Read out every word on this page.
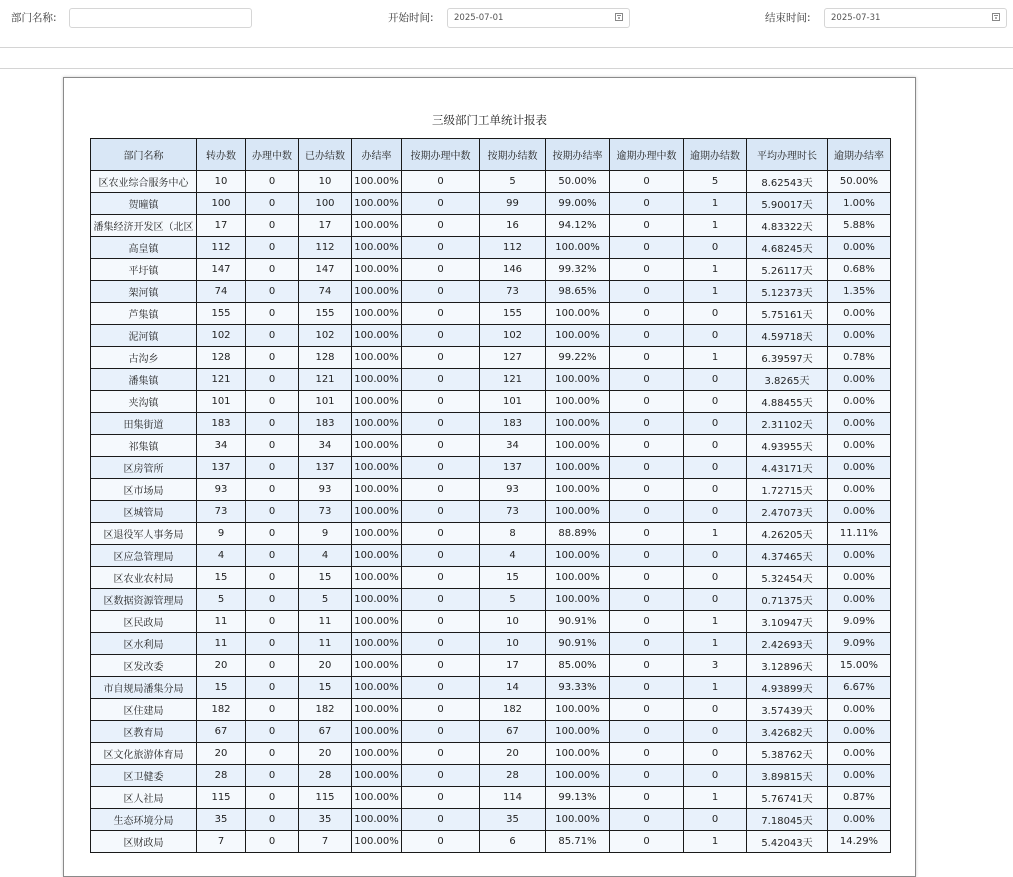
部门名称:	开始时间:	2025-07-01	结束时间:	2025-07-31
三级部门工单统计报表
部门名称	转办数	办理中数	已办结数	办结率	按期办理中数	按期办结数	按期办结率	逾期办理中数	逾期办结数	平均办理时长	逾期办结率
区农业综合服务中心	10	0	10	100.00%	0	5	50.00%	0	5	8.62543天	50.00%
贺曈镇	100	0	100	100.00%	0	99	99.00%	0	1	5.90017天	1.00%
潘集经济开发区（北区	17	0	17	100.00%	0	16	94.12%	0	1	4.83322天	5.88%
高皇镇	112	0	112	100.00%	0	112	100.00%	0	0	4.68245天	0.00%
平圩镇	147	0	147	100.00%	0	146	99.32%	0	1	5.26117天	0.68%
架河镇	74	0	74	100.00%	0	73	98.65%	0	1	5.12373天	1.35%
芦集镇	155	0	155	100.00%	0	155	100.00%	0	0	5.75161天	0.00%
泥河镇	102	0	102	100.00%	0	102	100.00%	0	0	4.59718天	0.00%
古沟乡	128	0	128	100.00%	0	127	99.22%	0	1	6.39597天	0.78%
潘集镇	121	0	121	100.00%	0	121	100.00%	0	0	3.8265天	0.00%
夹沟镇	101	0	101	100.00%	0	101	100.00%	0	0	4.88455天	0.00%
田集街道	183	0	183	100.00%	0	183	100.00%	0	0	2.31102天	0.00%
祁集镇	34	0	34	100.00%	0	34	100.00%	0	0	4.93955天	0.00%
区房管所	137	0	137	100.00%	0	137	100.00%	0	0	4.43171天	0.00%
区市场局	93	0	93	100.00%	0	93	100.00%	0	0	1.72715天	0.00%
区城管局	73	0	73	100.00%	0	73	100.00%	0	0	2.47073天	0.00%
区退役军人事务局	9	0	9	100.00%	0	8	88.89%	0	1	4.26205天	11.11%
区应急管理局	4	0	4	100.00%	0	4	100.00%	0	0	4.37465天	0.00%
区农业农村局	15	0	15	100.00%	0	15	100.00%	0	0	5.32454天	0.00%
区数据资源管理局	5	0	5	100.00%	0	5	100.00%	0	0	0.71375天	0.00%
区民政局	11	0	11	100.00%	0	10	90.91%	0	1	3.10947天	9.09%
区水利局	11	0	11	100.00%	0	10	90.91%	0	1	2.42693天	9.09%
区发改委	20	0	20	100.00%	0	17	85.00%	0	3	3.12896天	15.00%
市自规局潘集分局	15	0	15	100.00%	0	14	93.33%	0	1	4.93899天	6.67%
区住建局	182	0	182	100.00%	0	182	100.00%	0	0	3.57439天	0.00%
区教育局	67	0	67	100.00%	0	67	100.00%	0	0	3.42682天	0.00%
区文化旅游体育局	20	0	20	100.00%	0	20	100.00%	0	0	5.38762天	0.00%
区卫健委	28	0	28	100.00%	0	28	100.00%	0	0	3.89815天	0.00%
区人社局	115	0	115	100.00%	0	114	99.13%	0	1	5.76741天	0.87%
生态环境分局	35	0	35	100.00%	0	35	100.00%	0	0	7.18045天	0.00%
区财政局	7	0	7	100.00%	0	6	85.71%	0	1	5.42043天	14.29%
